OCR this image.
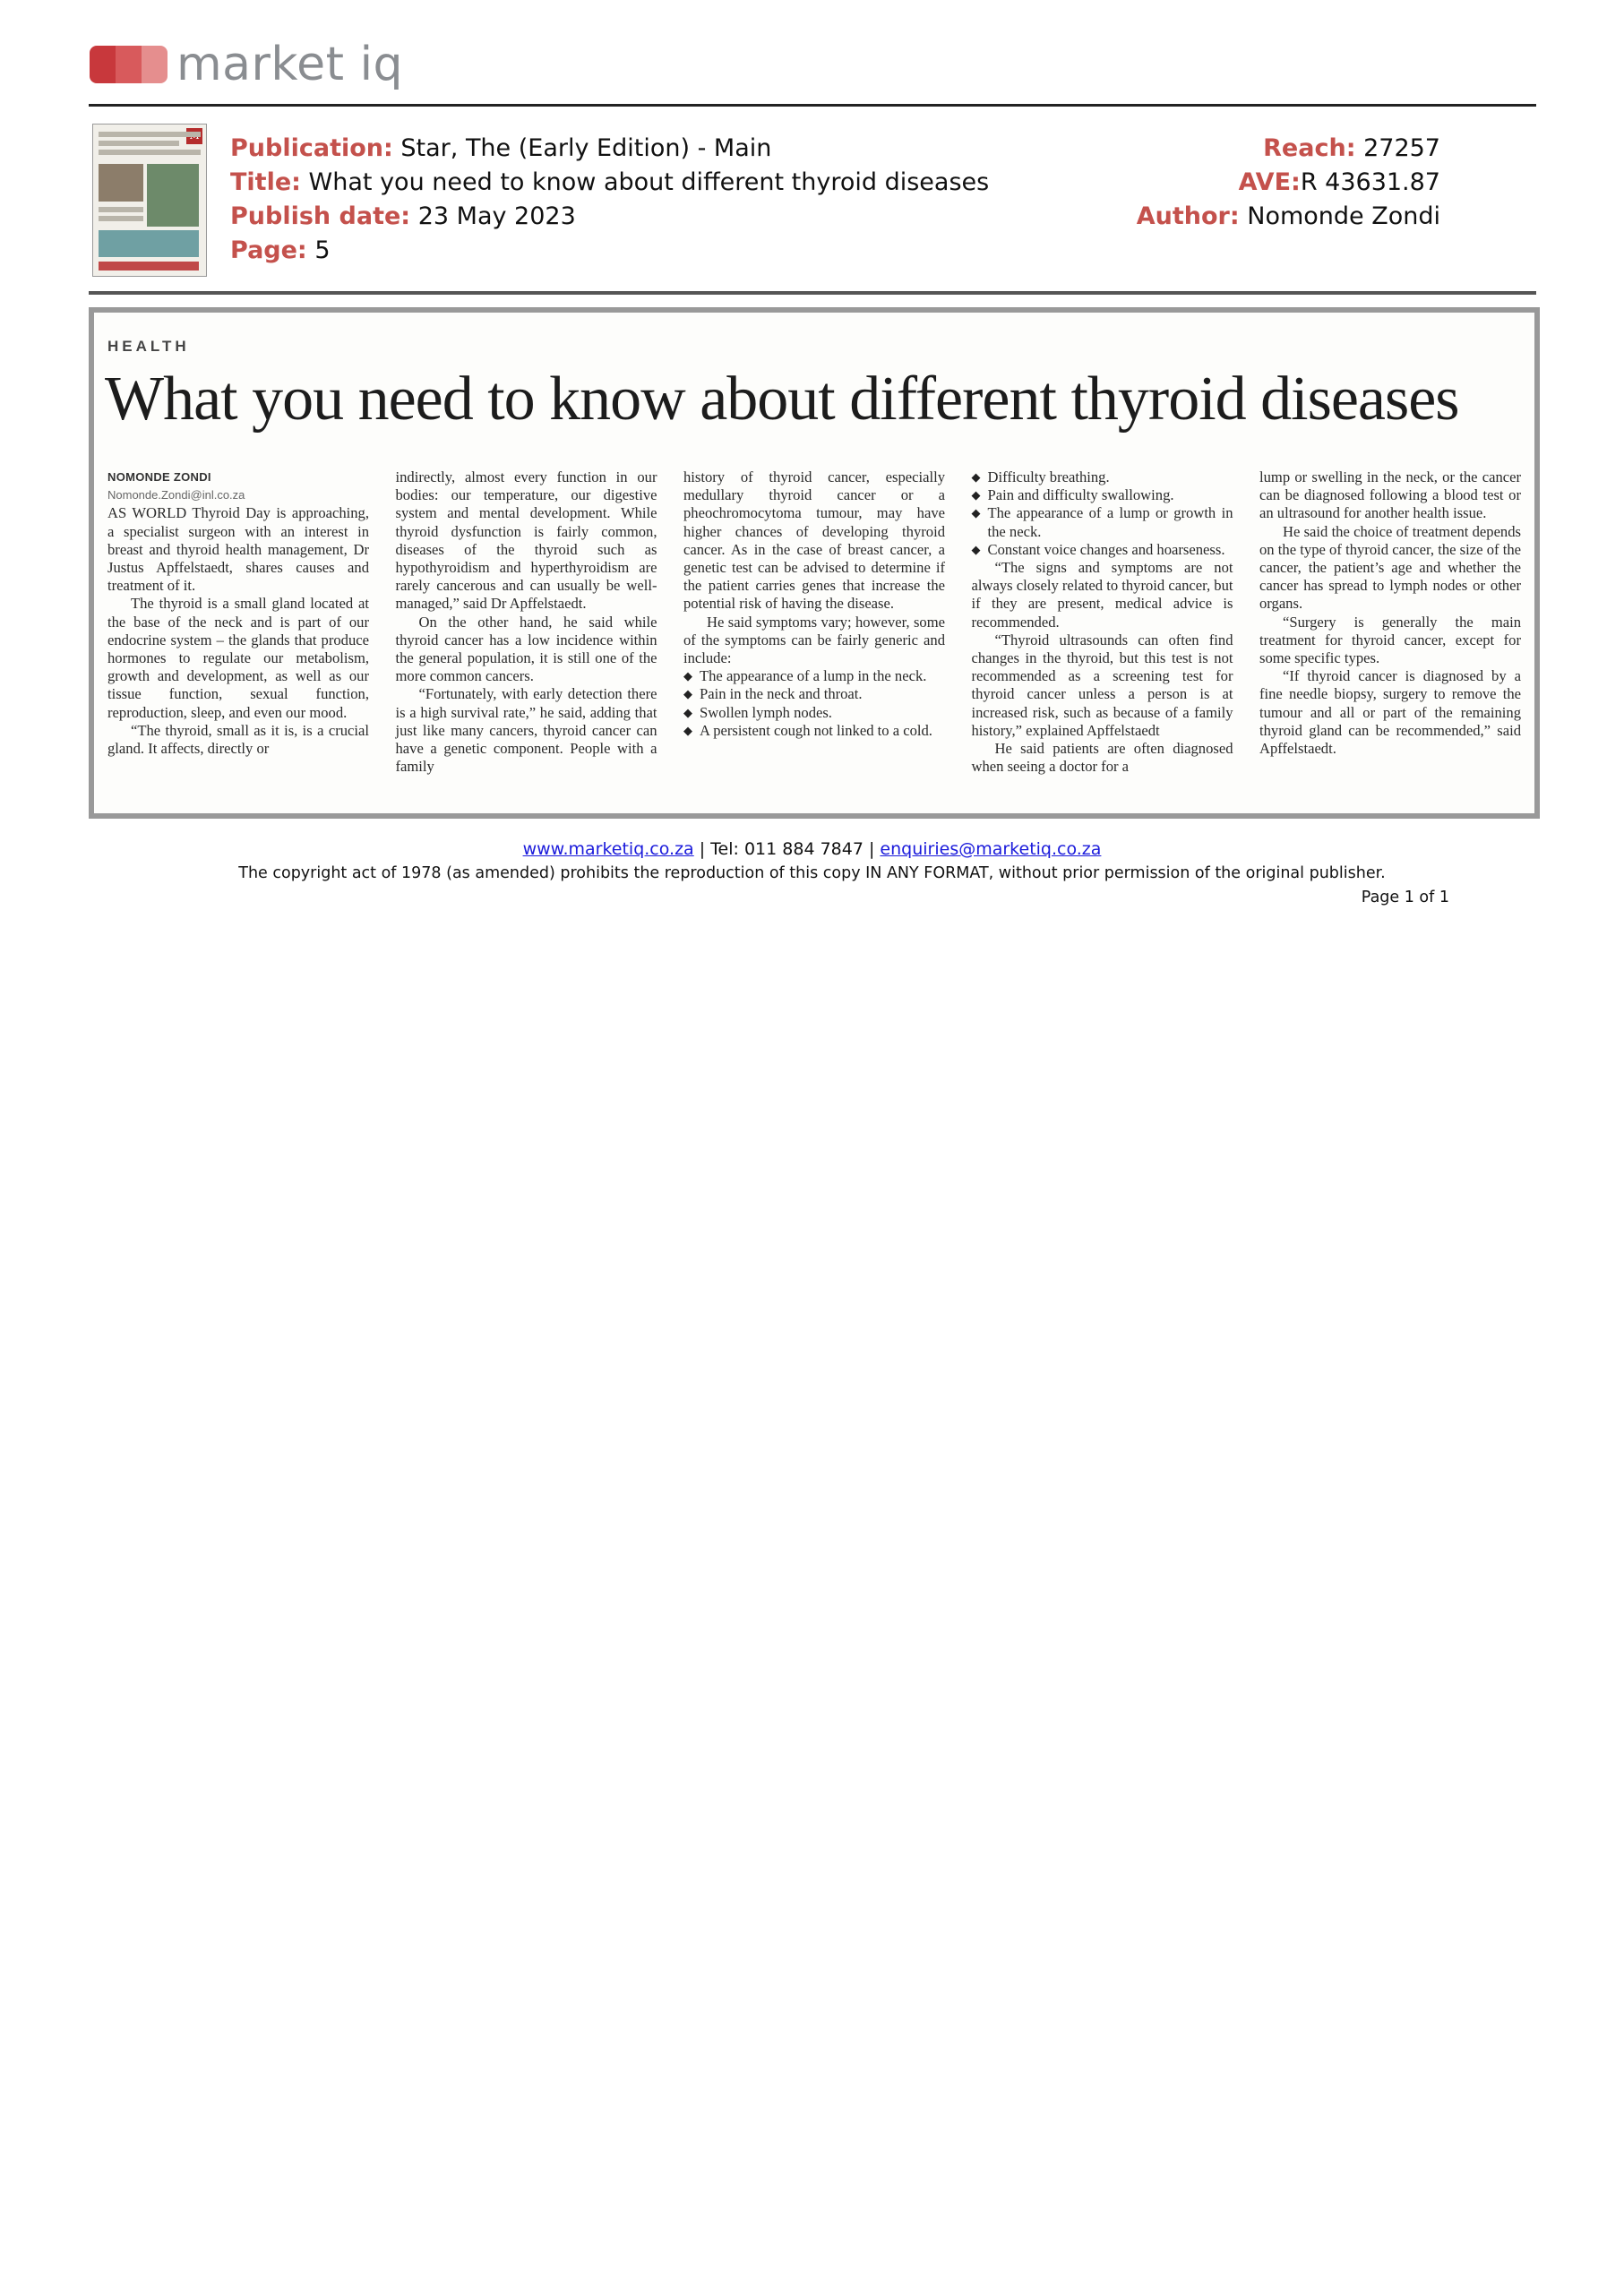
market iq
Publication: Star, The (Early Edition) - Main
Title: What you need to know about different thyroid diseases
Publish date: 23 May 2023
Page: 5
Reach: 27257
AVE:R 43631.87
Author: Nomonde Zondi
HEALTH
What you need to know about different thyroid diseases

NOMONDE ZONDI

Nomonde.Zondi@inl.co.za

AS WORLD Thyroid Day is approaching, a specialist surgeon with an interest in breast and thyroid health management, Dr Justus Apffelstaedt, shares causes and treatment of it.

The thyroid is a small gland located at the base of the neck and is part of our endocrine system – the glands that produce hormones to regulate our metabolism, growth and development, as well as our tissue function, sexual function, reproduction, sleep, and even our mood.

“The thyroid, small as it is, is a crucial gland. It affects, directly or

indirectly, almost every function in our bodies: our temperature, our digestive system and mental development. While thyroid dysfunction is fairly common, diseases of the thyroid such as hypothyroidism and hyperthyroidism are rarely cancerous and can usually be well-managed,” said Dr Apffelstaedt.

On the other hand, he said while thyroid cancer has a low incidence within the general population, it is still one of the more common cancers.

“Fortunately, with early detection there is a high survival rate,” he said, adding that just like many cancers, thyroid cancer can have a genetic component. People with a family

history of thyroid cancer, especially medullary thyroid cancer or a pheochromocytoma tumour, may have higher chances of developing thyroid cancer. As in the case of breast cancer, a genetic test can be advised to determine if the patient carries genes that increase the potential risk of having the disease.

He said symptoms vary; however, some of the symptoms can be fairly generic and include:

◆ The appearance of a lump in the neck.
◆ Pain in the neck and throat.
◆ Swollen lymph nodes.
◆ A persistent cough not linked to a cold.
◆ Difficulty breathing.
◆ Pain and difficulty swallowing.
◆ The appearance of a lump or growth in the neck.
◆ Constant voice changes and hoarseness.

“The signs and symptoms are not always closely related to thyroid cancer, but if they are present, medical advice is recommended.

“Thyroid ultrasounds can often find changes in the thyroid, but this test is not recommended as a screening test for thyroid cancer unless a person is at increased risk, such as because of a family history,” explained Apffelstaedt

He said patients are often diagnosed when seeing a doctor for a

lump or swelling in the neck, or the cancer can be diagnosed following a blood test or an ultrasound for another health issue.

He said the choice of treatment depends on the type of thyroid cancer, the size of the cancer, the patient’s age and whether the cancer has spread to lymph nodes or other organs.

“Surgery is generally the main treatment for thyroid cancer, except for some specific types.

“If thyroid cancer is diagnosed by a fine needle biopsy, surgery to remove the tumour and all or part of the remaining thyroid gland can be recommended,” said Apffelstaedt.

www.marketiq.co.za | Tel: 011 884 7847 | enquiries@marketiq.co.za
The copyright act of 1978 (as amended) prohibits the reproduction of this copy IN ANY FORMAT, without prior permission of the original publisher.
Page 1 of 1
